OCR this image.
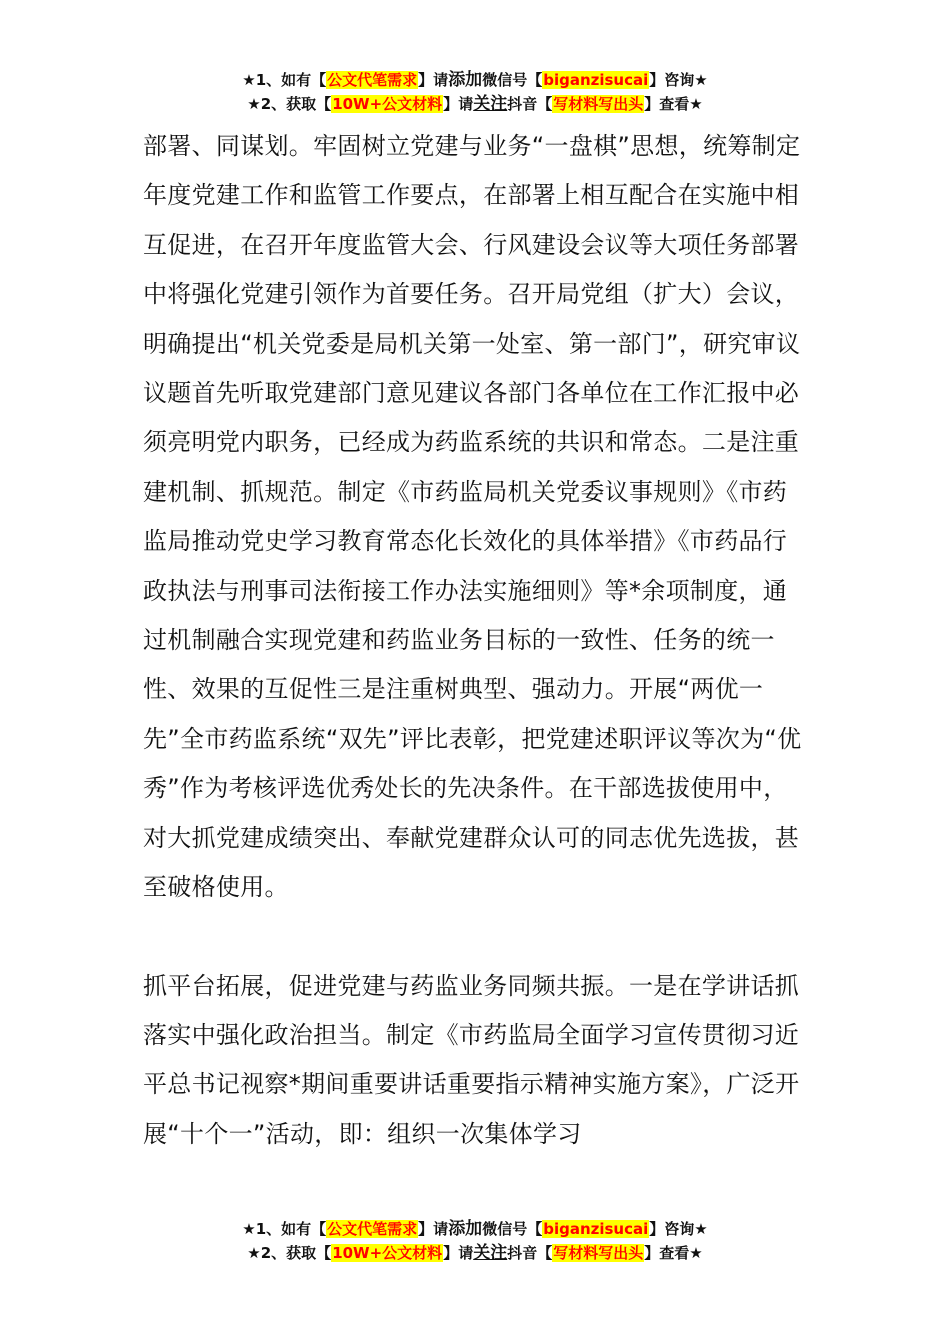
★1、如有【公文代笔需求】请添加微信号【biganzisucai】咨询★
★2、获取【10W+公文材料】请关注抖音【写材料写出头】查看★

部署、同谋划。牢固树立党建与业务“一盘棋”思想，统筹制定年度党建工作和监管工作要点，在部署上相互配合在实施中相互促进，在召开年度监管大会、行风建设会议等大项任务部署中将强化党建引领作为首要任务。召开局党组（扩大）会议，明确提出“机关党委是局机关第一处室、第一部门”，研究审议议题首先听取党建部门意见建议各部门各单位在工作汇报中必须亮明党内职务，已经成为药监系统的共识和常态。二是注重建机制、抓规范。制定《市药监局机关党委议事规则》《市药监局推动党史学习教育常态化长效化的具体举措》《市药品行政执法与刑事司法衔接工作办法实施细则》等*余项制度，通过机制融合实现党建和药监业务目标的一致性、任务的统一性、效果的互促性三是注重树典型、强动力。开展“两优一先”全市药监系统“双先”评比表彰，把党建述职评议等次为“优秀”作为考核评选优秀处长的先决条件。在干部选拔使用中，对大抓党建成绩突出、奉献党建群众认可的同志优先选拔，甚至破格使用。

抓平台拓展，促进党建与药监业务同频共振。一是在学讲话抓落实中强化政治担当。制定《市药监局全面学习宣传贯彻习近平总书记视察*期间重要讲话重要指示精神实施方案》，广泛开展“十个一”活动，即：组织一次集体学习

★1、如有【公文代笔需求】请添加微信号【biganzisucai】咨询★
★2、获取【10W+公文材料】请关注抖音【写材料写出头】查看★
